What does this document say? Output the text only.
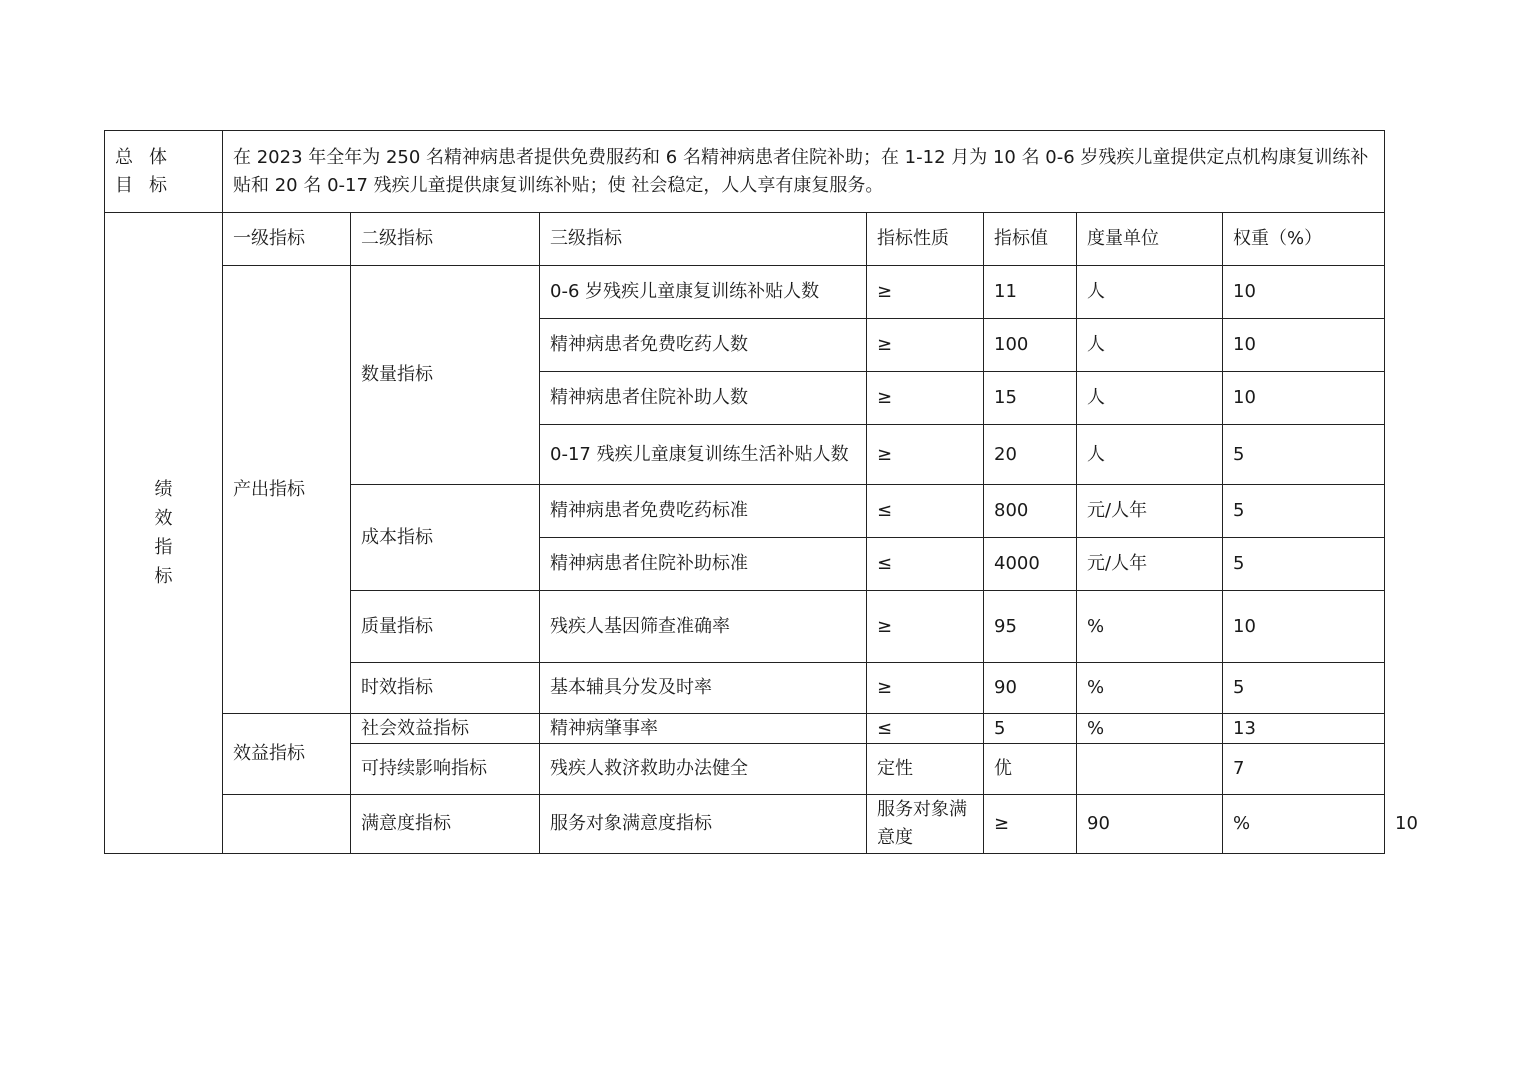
总 体
目 标	在 2023 年全年为 250 名精神病患者提供免费服药和 6 名精神病患者住院补助；在 1-12 月为 10 名 0-6 岁残疾儿童提供定点机构康复训练补贴和 20 名 0-17 残疾儿童提供康复训练补贴；使 社会稳定，人人享有康复服务。							

绩
效
指
标	一级指标	二级指标	三级指标	指标性质	指标值	度量单位	权重（%）	
	产出指标	数量指标	0-6 岁残疾儿童康复训练补贴人数	≥	11	人	10	
			精神病患者免费吃药人数	≥	100	人	10	
			精神病患者住院补助人数	≥	15	人	10	
			0-17 残疾儿童康复训练生活补贴人数	≥	20	人	5	
		成本指标	精神病患者免费吃药标准	≤	800	元/人年	5	
			精神病患者住院补助标准	≤	4000	元/人年	5	
		质量指标	残疾人基因筛查准确率	≥	95	%	10	
		时效指标	基本辅具分发及时率	≥	90	%	5	
	效益指标	社会效益指标	精神病肇事率	≤	5	%	13	
		可持续影响指标	残疾人救济救助办法健全	定性	优		7	
		满意度指标	服务对象满意度指标	服务对象满意度	≥	90	%	10
